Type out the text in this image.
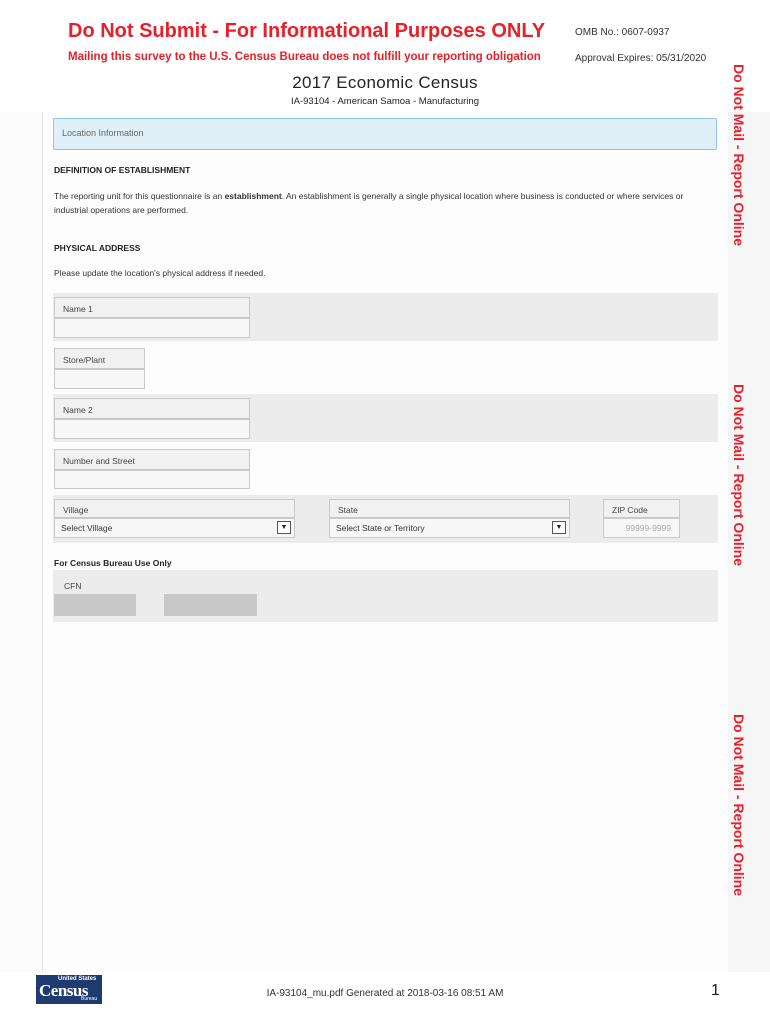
Do Not Submit - For Informational Purposes ONLY
Mailing this survey to the U.S. Census Bureau does not fulfill your reporting obligation
OMB No.: 0607-0937
Approval Expires: 05/31/2020
2017 Economic Census
IA-93104 - American Samoa - Manufacturing	Do Not Mail - Report Online
Do Not Mail - Report Online
Do Not Mail - Report Online
Location Information
DEFINITION OF ESTABLISHMENT
The reporting unit for this questionnaire is an establishment. An establishment is generally a single physical location where business is conducted or where services or industrial operations are performed.
PHYSICAL ADDRESS
Please update the location's physical address if needed.
Name 1
Store/Plant
Name 2
Number and Street
Village
Select Village	▼
State
Select State or Territory	▼
ZIP Code
99999-9999
For Census Bureau Use Only
CFN
United States
Census
Bureau	IA-93104_mu.pdf Generated at 2018-03-16 08:51 AM	1
